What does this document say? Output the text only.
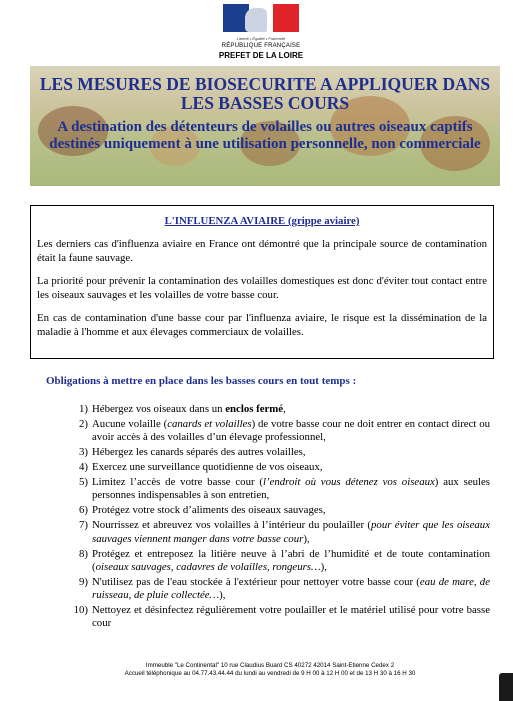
Liberté • Égalité • Fraternité
RÉPUBLIQUE FRANÇAISE
PREFET DE LA LOIRE
LES MESURES DE BIOSECURITE A APPLIQUER DANS LES BASSES COURS
A destination des détenteurs de volailles ou autres oiseaux captifs destinés uniquement à une utilisation personnelle, non commerciale
L'INFLUENZA AVIAIRE (grippe aviaire)

Les derniers cas d'influenza aviaire en France ont démontré que la principale source de contamination était la faune sauvage.

La priorité pour prévenir la contamination des volailles domestiques est donc d'éviter tout contact entre les oiseaux sauvages et les volailles de votre basse cour.

En cas de contamination d'une basse cour par l'influenza aviaire, le risque est la dissémination de la maladie à l'homme et aux élevages commerciaux de volailles.

Obligations à mettre en place dans les basses cours en tout temps :
1) Hébergez vos oiseaux dans un enclos fermé,
2) Aucune volaille (canards et volailles) de votre basse cour ne doit entrer en contact direct ou avoir accès à des volailles d’un élevage professionnel,
3) Hébergez les canards séparés des autres volailles,
4) Exercez une surveillance quotidienne de vos oiseaux,
5) Limitez l’accès de votre basse cour (l’endroit où vous détenez vos oiseaux) aux seules personnes indispensables à son entretien,
6) Protégez votre stock d’aliments des oiseaux sauvages,
7) Nourrissez et abreuvez vos volailles à l’intérieur du poulailler (pour éviter que les oiseaux sauvages viennent manger dans votre basse cour),
8) Protégez et entreposez la litière neuve à l’abri de l’humidité et de toute contamination (oiseaux sauvages, cadavres de volailles, rongeurs…),
9) N'utilisez pas de l'eau stockée à l'extérieur pour nettoyer votre basse cour (eau de mare, de ruisseau, de pluie collectée…),
10) Nettoyez et désinfectez régulièrement votre poulailler et le matériel utilisé pour votre basse cour
Immeuble "Le Continental" 10 rue Claudius Buard CS 40272 42014 Saint-Etienne Cedex 2
Accueil téléphonique au 04.77.43.44.44 du lundi au vendredi de 9 H 00 à 12 H 00 et de 13 H 30 à 16 H 30
